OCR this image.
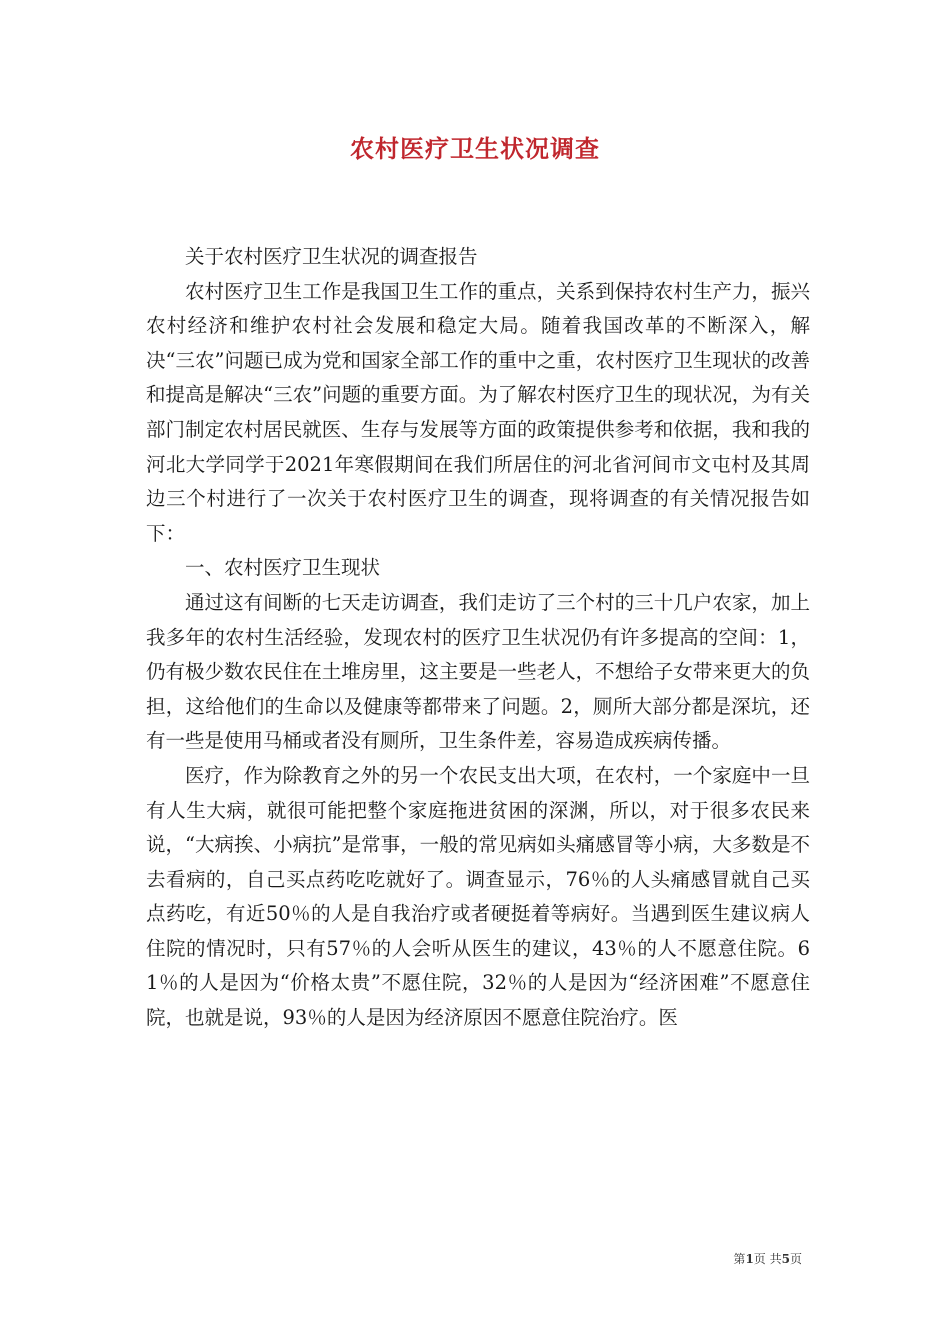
农村医疗卫生状况调查

关于农村医疗卫生状况的调查报告

农村医疗卫生工作是我国卫生工作的重点，关系到保持农村生产力，振兴农村经济和维护农村社会发展和稳定大局。随着我国改革的不断深入，解决“三农”问题已成为党和国家全部工作的重中之重，农村医疗卫生现状的改善和提高是解决“三农”问题的重要方面。为了解农村医疗卫生的现状况，为有关部门制定农村居民就医、生存与发展等方面的政策提供参考和依据，我和我的河北大学同学于2021年寒假期间在我们所居住的河北省河间市文屯村及其周边三个村进行了一次关于农村医疗卫生的调查，现将调查的有关情况报告如下：

一、农村医疗卫生现状

通过这有间断的七天走访调查，我们走访了三个村的三十几户农家，加上我多年的农村生活经验，发现农村的医疗卫生状况仍有许多提高的空间：1，仍有极少数农民住在土堆房里，这主要是一些老人，不想给子女带来更大的负担，这给他们的生命以及健康等都带来了问题。2，厕所大部分都是深坑，还有一些是使用马桶或者没有厕所，卫生条件差，容易造成疾病传播。

医疗，作为除教育之外的另一个农民支出大项，在农村，一个家庭中一旦有人生大病，就很可能把整个家庭拖进贫困的深渊，所以，对于很多农民来说，“大病挨、小病抗”是常事，一般的常见病如头痛感冒等小病，大多数是不去看病的，自己买点药吃吃就好了。调查显示，76％的人头痛感冒就自己买点药吃，有近50％的人是自我治疗或者硬挺着等病好。当遇到医生建议病人住院的情况时，只有57％的人会听从医生的建议，43％的人不愿意住院。61％的人是因为“价格太贵”不愿住院，32％的人是因为“经济困难”不愿意住院，也就是说，93％的人是因为经济原因不愿意住院治疗。医

第1页 共5页
